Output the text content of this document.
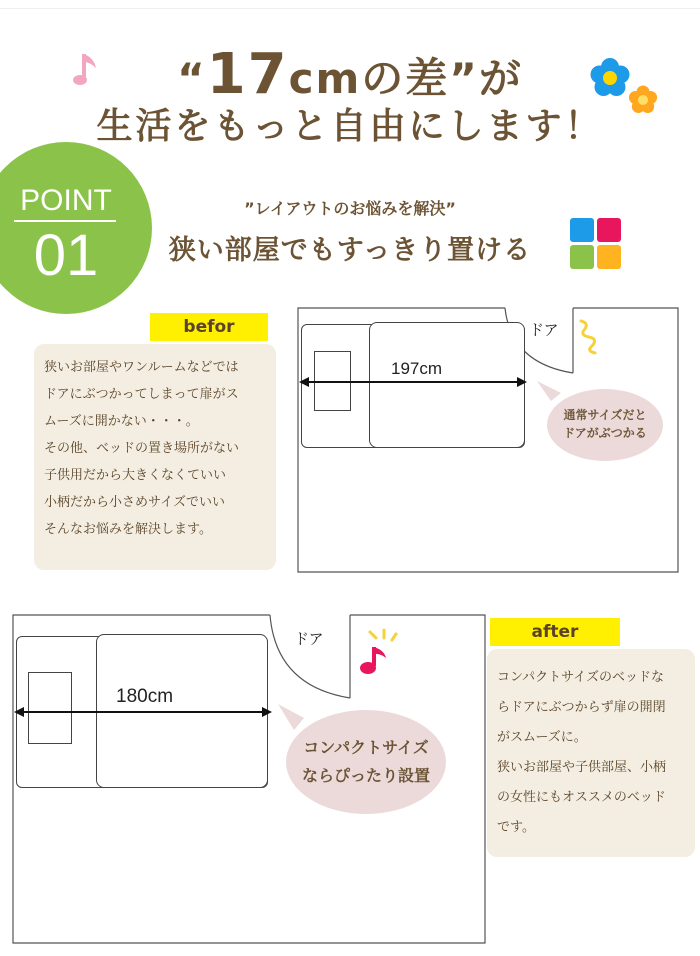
“17cmの差”が
生活をもっと自由にします！
POINT
01
”レイアウトのお悩みを解決”
狭い部屋でもすっきり置ける
befor

狭いお部屋やワンルームなどでは

ドアにぶつかってしまって扉がス

ムーズに開かない・・・。

その他、ベッドの置き場所がない

子供用だから大きくなくていい

小柄だから小さめサイズでいい

そんなお悩みを解決します。

197cm
ドア
通常サイズだと
ドアがぶつかる
180cm
ドア
コンパクトサイズ
ならぴったり設置
after

コンパクトサイズのベッドな

らドアにぶつからず扉の開閉

がスムーズに。

狭いお部屋や子供部屋、小柄

の女性にもオススメのベッド

です。
